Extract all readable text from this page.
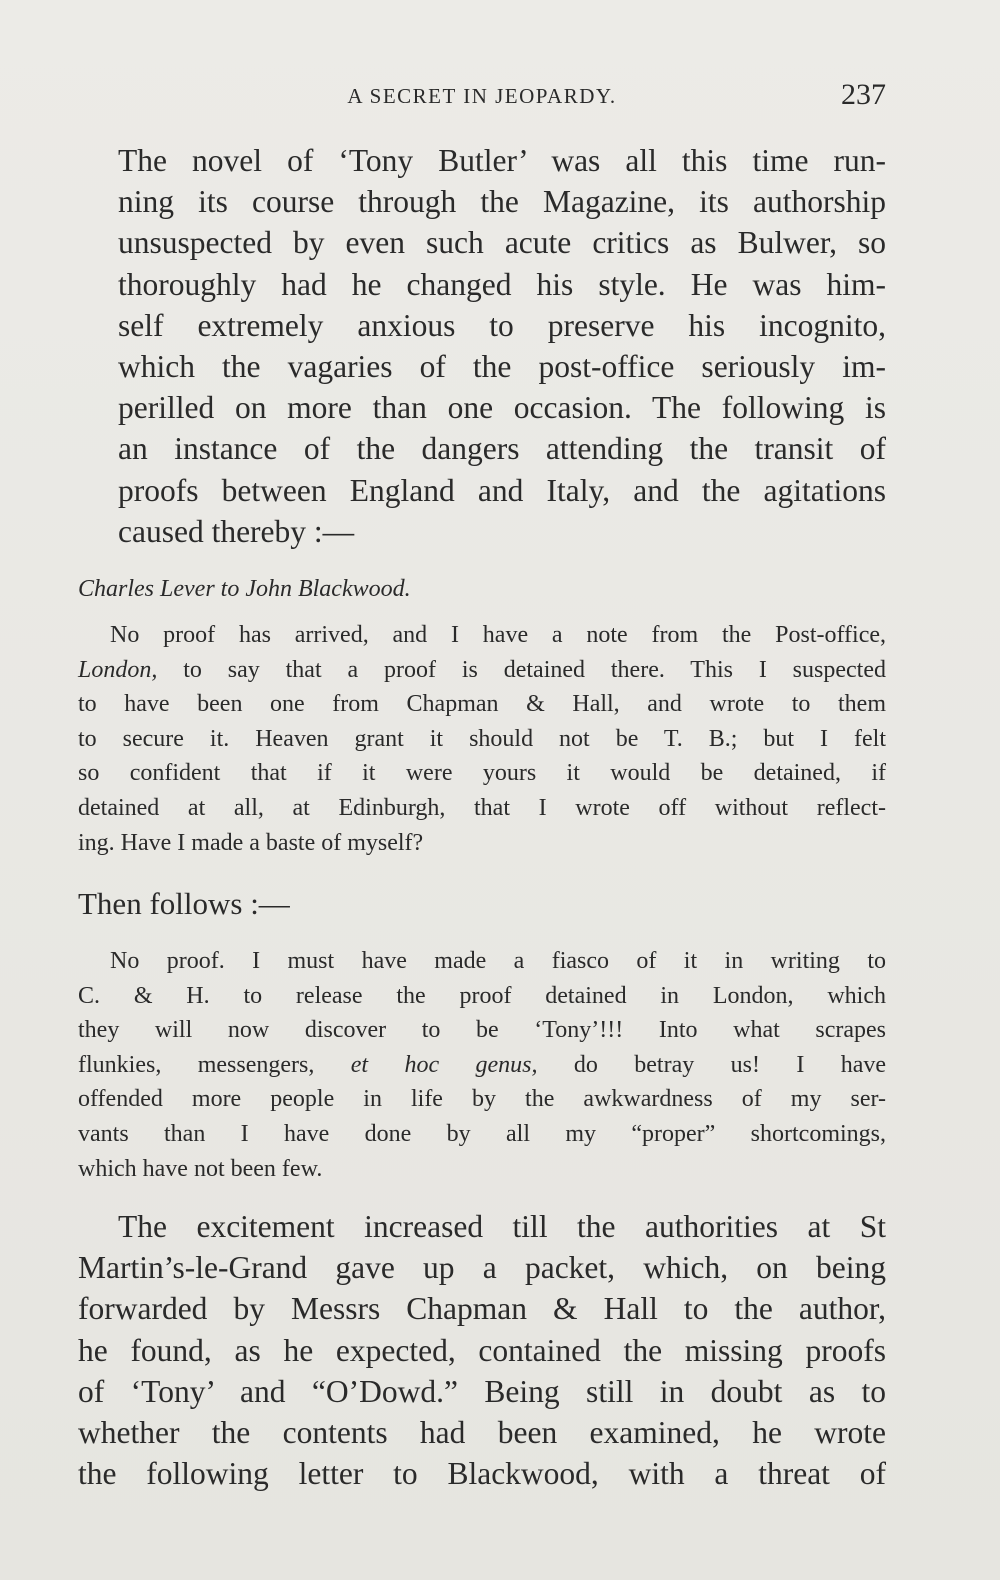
A SECRET IN JEOPARDY.	237

The novel of ‘Tony Butler’ was all this time run-
ning its course through the Magazine, its authorship
unsuspected by even such acute critics as Bulwer, so
thoroughly had he changed his style. He was him-
self extremely anxious to preserve his incognito,
which the vagaries of the post-office seriously im-
perilled on more than one occasion. The following is
an instance of the dangers attending the transit of
proofs between England and Italy, and the agitations
caused thereby :—

Charles Lever to John Blackwood.

No proof has arrived, and I have a note from the Post-office,
London, to say that a proof is detained there. This I suspected
to have been one from Chapman & Hall, and wrote to them
to secure it. Heaven grant it should not be T. B.; but I felt
so confident that if it were yours it would be detained, if
detained at all, at Edinburgh, that I wrote off without reflect-
ing. Have I made a baste of myself?

Then follows :—

No proof. I must have made a fiasco of it in writing to
C. & H. to release the proof detained in London, which
they will now discover to be ‘Tony’!!! Into what scrapes
flunkies, messengers, et hoc genus, do betray us! I have
offended more people in life by the awkwardness of my ser-
vants than I have done by all my “proper” shortcomings,
which have not been few.

The excitement increased till the authorities at St
Martin’s-le-Grand gave up a packet, which, on being
forwarded by Messrs Chapman & Hall to the author,
he found, as he expected, contained the missing proofs
of ‘Tony’ and “O’Dowd.” Being still in doubt as to
whether the contents had been examined, he wrote
the following letter to Blackwood, with a threat of
